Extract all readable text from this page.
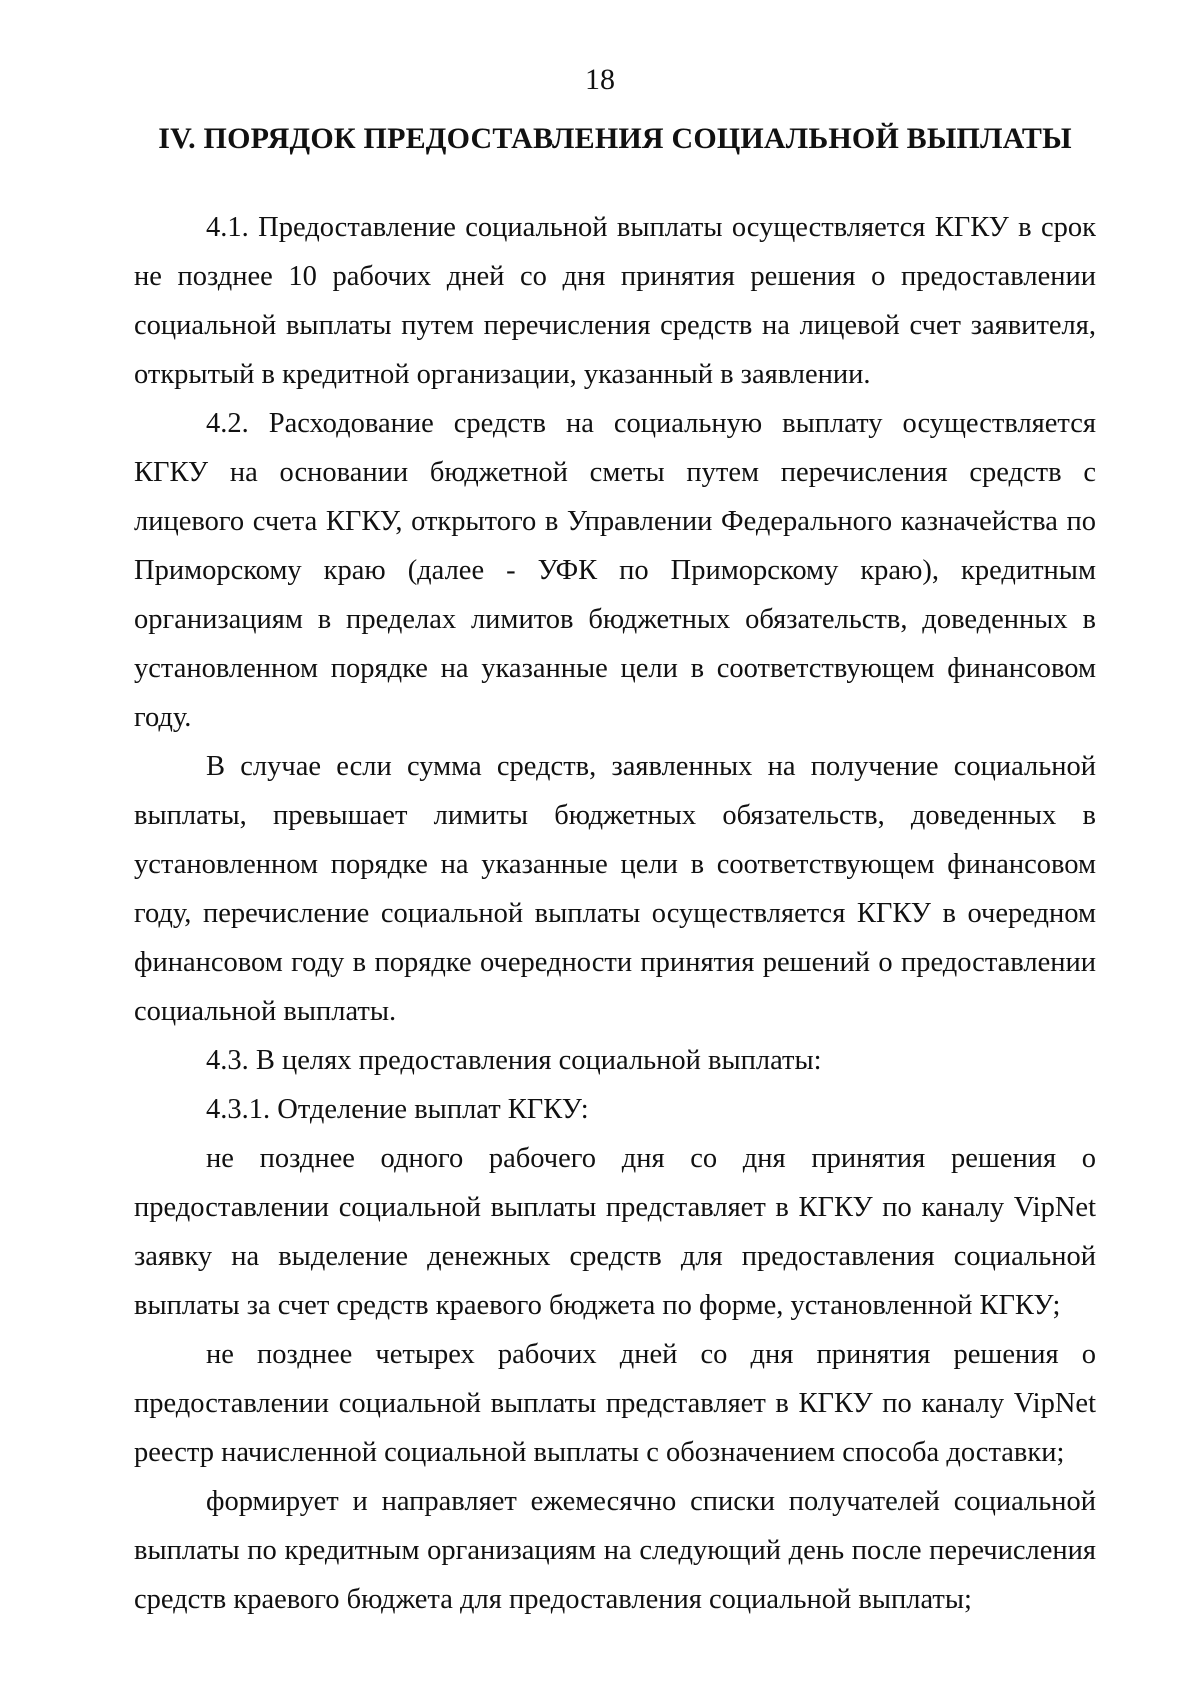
18
IV. ПОРЯДОК ПРЕДОСТАВЛЕНИЯ СОЦИАЛЬНОЙ ВЫПЛАТЫ

4.1. Предоставление социальной выплаты осуществляется КГКУ в срок не позднее 10 рабочих дней со дня принятия решения о предоставлении социальной выплаты путем перечисления средств на лицевой счет заявителя, открытый в кредитной организации, указанный в заявлении.

4.2. Расходование средств на социальную выплату осуществляется КГКУ на основании бюджетной сметы путем перечисления средств с лицевого счета КГКУ, открытого в Управлении Федерального казначейства по Приморскому краю (далее - УФК по Приморскому краю), кредитным организациям в пределах лимитов бюджетных обязательств, доведенных в установленном порядке на указанные цели в соответствующем финансовом году.

В случае если сумма средств, заявленных на получение социальной выплаты, превышает лимиты бюджетных обязательств, доведенных в установленном порядке на указанные цели в соответствующем финансовом году, перечисление социальной выплаты осуществляется КГКУ в очередном финансовом году в порядке очередности принятия решений о предоставлении социальной выплаты.

4.3. В целях предоставления социальной выплаты:

4.3.1. Отделение выплат КГКУ:

не позднее одного рабочего дня со дня принятия решения о предоставлении социальной выплаты представляет в КГКУ по каналу VipNet заявку на выделение денежных средств для предоставления социальной выплаты за счет средств краевого бюджета по форме, установленной КГКУ;

не позднее четырех рабочих дней со дня принятия решения о предоставлении социальной выплаты представляет в КГКУ по каналу VipNet реестр начисленной социальной выплаты с обозначением способа доставки;

формирует и направляет ежемесячно списки получателей социальной выплаты по кредитным организациям на следующий день после перечисления средств краевого бюджета для предоставления социальной выплаты;
